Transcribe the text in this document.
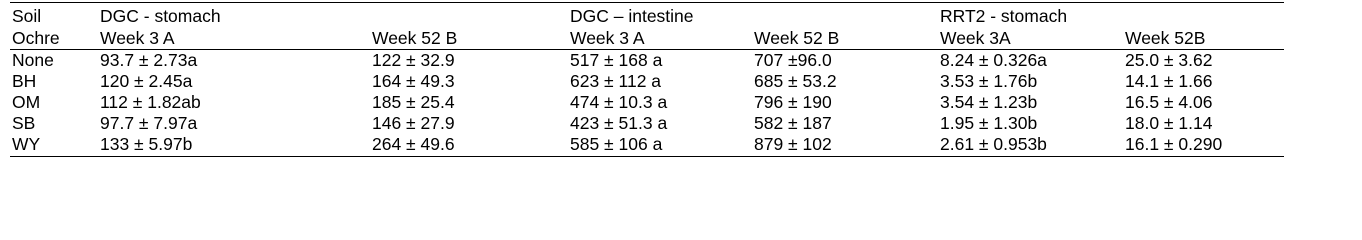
Soil	DGC - stomach		DGC – intestine		RRT2 - stomach	
Ochre	Week 3 A	Week 52 B	Week 3 A	Week 52 B	Week 3A	Week 52B

None	93.7 ± 2.73a	122 ± 32.9	517 ± 168 a	707 ±96.0	8.24 ± 0.326a	25.0 ± 3.62
BH	120 ± 2.45a	164 ± 49.3	623 ± 112 a	685 ± 53.2	3.53 ± 1.76b	14.1 ± 1.66
OM	112 ± 1.82ab	185 ± 25.4	474 ± 10.3 a	796 ± 190	3.54 ± 1.23b	16.5 ± 4.06
SB	97.7 ± 7.97a	146 ± 27.9	423 ± 51.3 a	582 ± 187	1.95 ± 1.30b	18.0 ± 1.14
WY	133 ± 5.97b	264 ± 49.6	585 ± 106 a	879 ± 102	2.61 ± 0.953b	16.1 ± 0.290
